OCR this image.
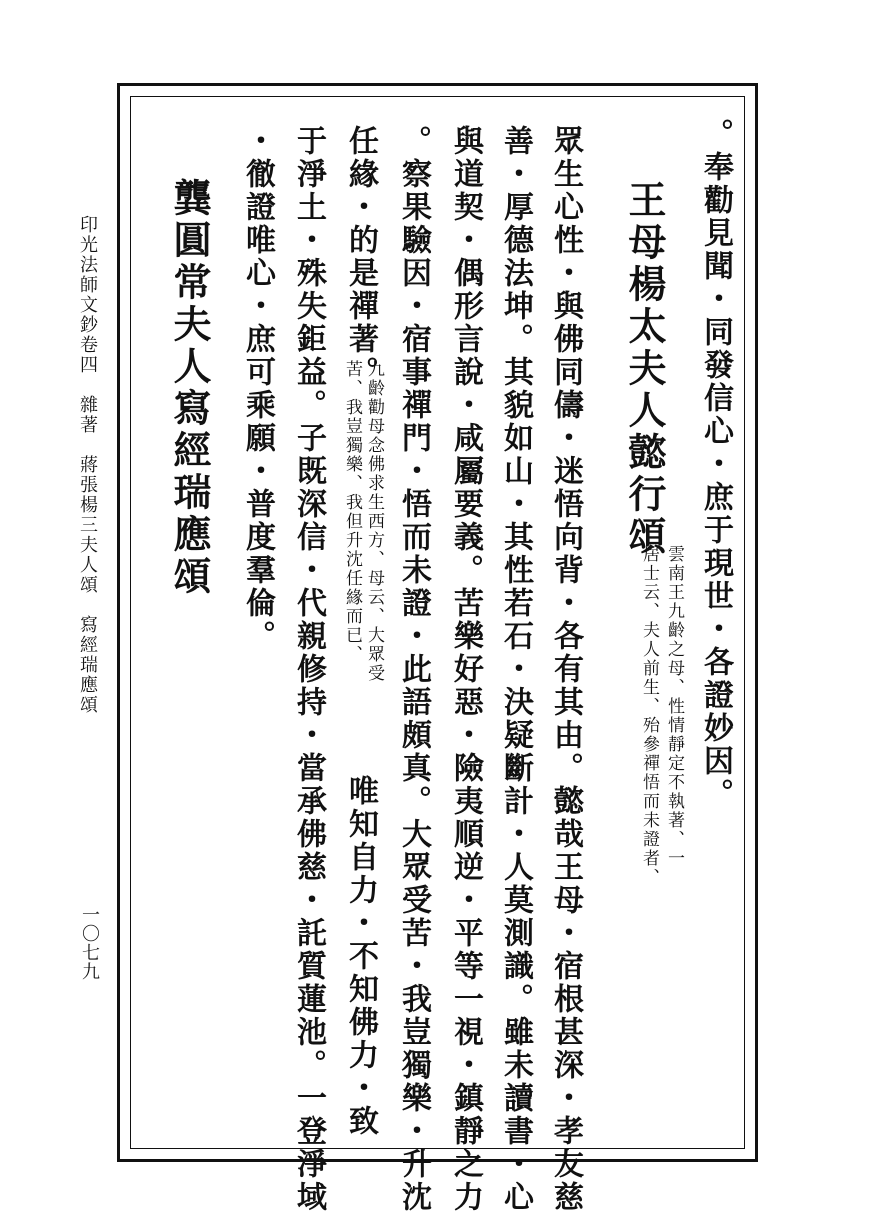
。奉勸見聞・同發信心・庶于現世・各證妙因。
王母楊太夫人懿行頌
雲南王九齡之母、性情靜定不執著、一
居士云、夫人前生、殆參禪悟而未證者、
眾生心性・與佛同儔・迷悟向背・各有其由。懿哉王母・宿根甚深・孝友慈
善・厚德法坤。其貌如山・其性若石・決疑斷計・人莫測識。雖未讀書・心
與道契・偶形言說・咸屬要義。苦樂好惡・險夷順逆・平等一視・鎮靜之力
。察果驗因・宿事禪門・悟而未證・此語頗真。大眾受苦・我豈獨樂・升沈
任緣・的是禪著。
九齡勸母念佛求生西方、母云、大眾受
苦、我豈獨樂、我但升沈任緣而已、
唯知自力・不知佛力・致
于淨土・殊失鉅益。子既深信・代親修持・當承佛慈・託質蓮池。一登淨域
・徹證唯心・庶可乘願・普度羣倫。
龔圓常夫人寫經瑞應頌
印光法師文鈔卷四　雜著　蔣張楊三夫人頌　寫經瑞應頌
一〇七九
